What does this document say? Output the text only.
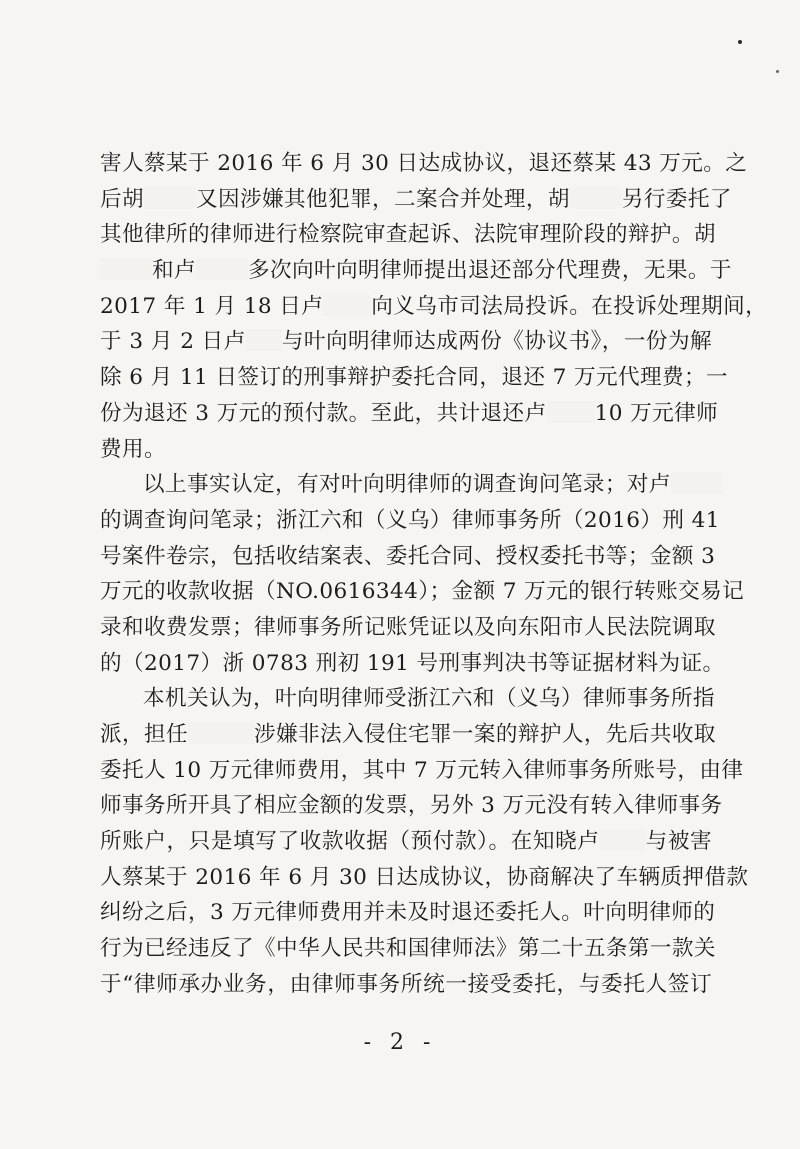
害人蔡某于 2016 年 6 月 30 日达成协议，退还蔡某 43 万元。之
后胡 又因涉嫌其他犯罪，二案合并处理，胡 另行委托了
其他律所的律师进行检察院审查起诉、法院审理阶段的辩护。胡
和卢 多次向叶向明律师提出退还部分代理费，无果。于
2017 年 1 月 18 日卢 向义乌市司法局投诉。在投诉处理期间，
于 3 月 2 日卢 与叶向明律师达成两份《协议书》，一份为解
除 6 月 11 日签订的刑事辩护委托合同，退还 7 万元代理费；一
份为退还 3 万元的预付款。至此，共计退还卢 10 万元律师
费用。
以上事实认定，有对叶向明律师的调查询问笔录；对卢
的调查询问笔录；浙江六和（义乌）律师事务所（2016）刑 41
号案件卷宗，包括收结案表、委托合同、授权委托书等；金额 3
万元的收款收据（NO.0616344）；金额 7 万元的银行转账交易记
录和收费发票；律师事务所记账凭证以及向东阳市人民法院调取
的（2017）浙 0783 刑初 191 号刑事判决书等证据材料为证。
本机关认为，叶向明律师受浙江六和（义乌）律师事务所指
派，担任	涉嫌非法入侵住宅罪一案的辩护人，先后共收取
委托人 10 万元律师费用，其中 7 万元转入律师事务所账号，由律
师事务所开具了相应金额的发票，另外 3 万元没有转入律师事务
所账户，只是填写了收款收据（预付款）。在知晓卢 与被害
人蔡某于 2016 年 6 月 30 日达成协议，协商解决了车辆质押借款
纠纷之后，3 万元律师费用并未及时退还委托人。叶向明律师的
行为已经违反了《中华人民共和国律师法》第二十五条第一款关
于“律师承办业务，由律师事务所统一接受委托，与委托人签订
- 2 -
